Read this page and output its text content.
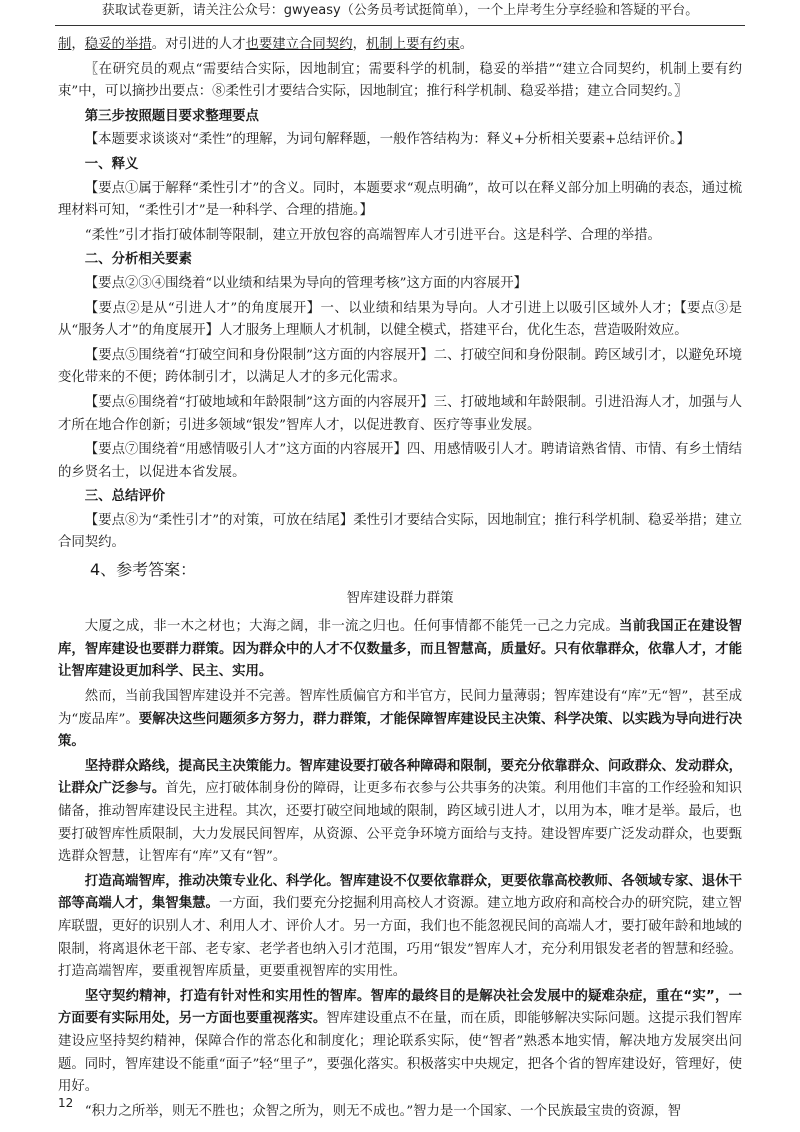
获取试卷更新，请关注公众号：gwyeasy（公务员考试挺简单），一个上岸考生分享经验和答疑的平台。
制，稳妥的举措。对引进的人才也要建立合同契约，机制上要有约束。
〖在研究员的观点“需要结合实际，因地制宜；需要科学的机制，稳妥的举措”“建立合同契约，机制上要有约束”中，可以摘抄出要点：⑧柔性引才要结合实际，因地制宜；推行科学机制、稳妥举措；建立合同契约。〗
第三步按照题目要求整理要点
【本题要求谈谈对“柔性”的理解，为词句解释题，一般作答结构为：释义+分析相关要素+总结评价。】
一、释义
【要点①属于解释“柔性引才”的含义。同时，本题要求“观点明确”，故可以在释义部分加上明确的表态，通过梳理材料可知，“柔性引才”是一种科学、合理的措施。】
“柔性”引才指打破体制等限制，建立开放包容的高端智库人才引进平台。这是科学、合理的举措。
二、分析相关要素
【要点②③④围绕着“以业绩和结果为导向的管理考核”这方面的内容展开】
【要点②是从“引进人才”的角度展开】一、以业绩和结果为导向。人才引进上以吸引区域外人才；【要点③是从“服务人才”的角度展开】人才服务上理顺人才机制，以健全模式，搭建平台，优化生态，营造吸附效应。
【要点⑤围绕着“打破空间和身份限制”这方面的内容展开】二、打破空间和身份限制。跨区域引才，以避免环境变化带来的不便；跨体制引才，以满足人才的多元化需求。
【要点⑥围绕着“打破地域和年龄限制”这方面的内容展开】三、打破地域和年龄限制。引进沿海人才，加强与人才所在地合作创新；引进多领域“银发”智库人才，以促进教育、医疗等事业发展。
【要点⑦围绕着“用感情吸引人才”这方面的内容展开】四、用感情吸引人才。聘请谙熟省情、市情、有乡土情结的乡贤名士，以促进本省发展。
三、总结评价
【要点⑧为“柔性引才”的对策，可放在结尾】柔性引才要结合实际，因地制宜；推行科学机制、稳妥举措；建立合同契约。
4、参考答案：
智库建设群力群策
大厦之成，非一木之材也；大海之阔，非一流之归也。任何事情都不能凭一己之力完成。当前我国正在建设智库，智库建设也要群力群策。因为群众中的人才不仅数量多，而且智慧高，质量好。只有依靠群众，依靠人才，才能让智库建设更加科学、民主、实用。
然而，当前我国智库建设并不完善。智库性质偏官方和半官方，民间力量薄弱；智库建设有“库”无“智”，甚至成为“废品库”。要解决这些问题须多方努力，群力群策，才能保障智库建设民主决策、科学决策、以实践为导向进行决策。
坚持群众路线，提高民主决策能力。智库建设要打破各种障碍和限制，要充分依靠群众、问政群众、发动群众，让群众广泛参与。首先，应打破体制身份的障碍，让更多布衣参与公共事务的决策。利用他们丰富的工作经验和知识储备，推动智库建设民主进程。其次，还要打破空间地域的限制，跨区域引进人才，以用为本，唯才是举。最后，也要打破智库性质限制，大力发展民间智库，从资源、公平竞争环境方面给与支持。建设智库要广泛发动群众，也要甄选群众智慧，让智库有“库”又有“智”。
打造高端智库，推动决策专业化、科学化。智库建设不仅要依靠群众，更要依靠高校教师、各领域专家、退休干部等高端人才，集智集慧。一方面，我们要充分挖掘利用高校人才资源。建立地方政府和高校合办的研究院，建立智库联盟，更好的识别人才、利用人才、评价人才。另一方面，我们也不能忽视民间的高端人才，要打破年龄和地域的限制，将离退休老干部、老专家、老学者也纳入引才范围，巧用“银发”智库人才，充分利用银发老者的智慧和经验。打造高端智库，要重视智库质量，更要重视智库的实用性。
坚守契约精神，打造有针对性和实用性的智库。智库的最终目的是解决社会发展中的疑难杂症，重在“实”，一方面要有实际用处，另一方面也要重视落实。智库建设重点不在量，而在质，即能够解决实际问题。这提示我们智库建设应坚持契约精神，保障合作的常态化和制度化；理论联系实际，使“智者”熟悉本地实情，解决地方发展突出问题。同时，智库建设不能重“面子”轻“里子”，要强化落实。积极落实中央规定，把各个省的智库建设好，管理好，使用好。
“积力之所举，则无不胜也；众智之所为，则无不成也。”智力是一个国家、一个民族最宝贵的资源，智
12
